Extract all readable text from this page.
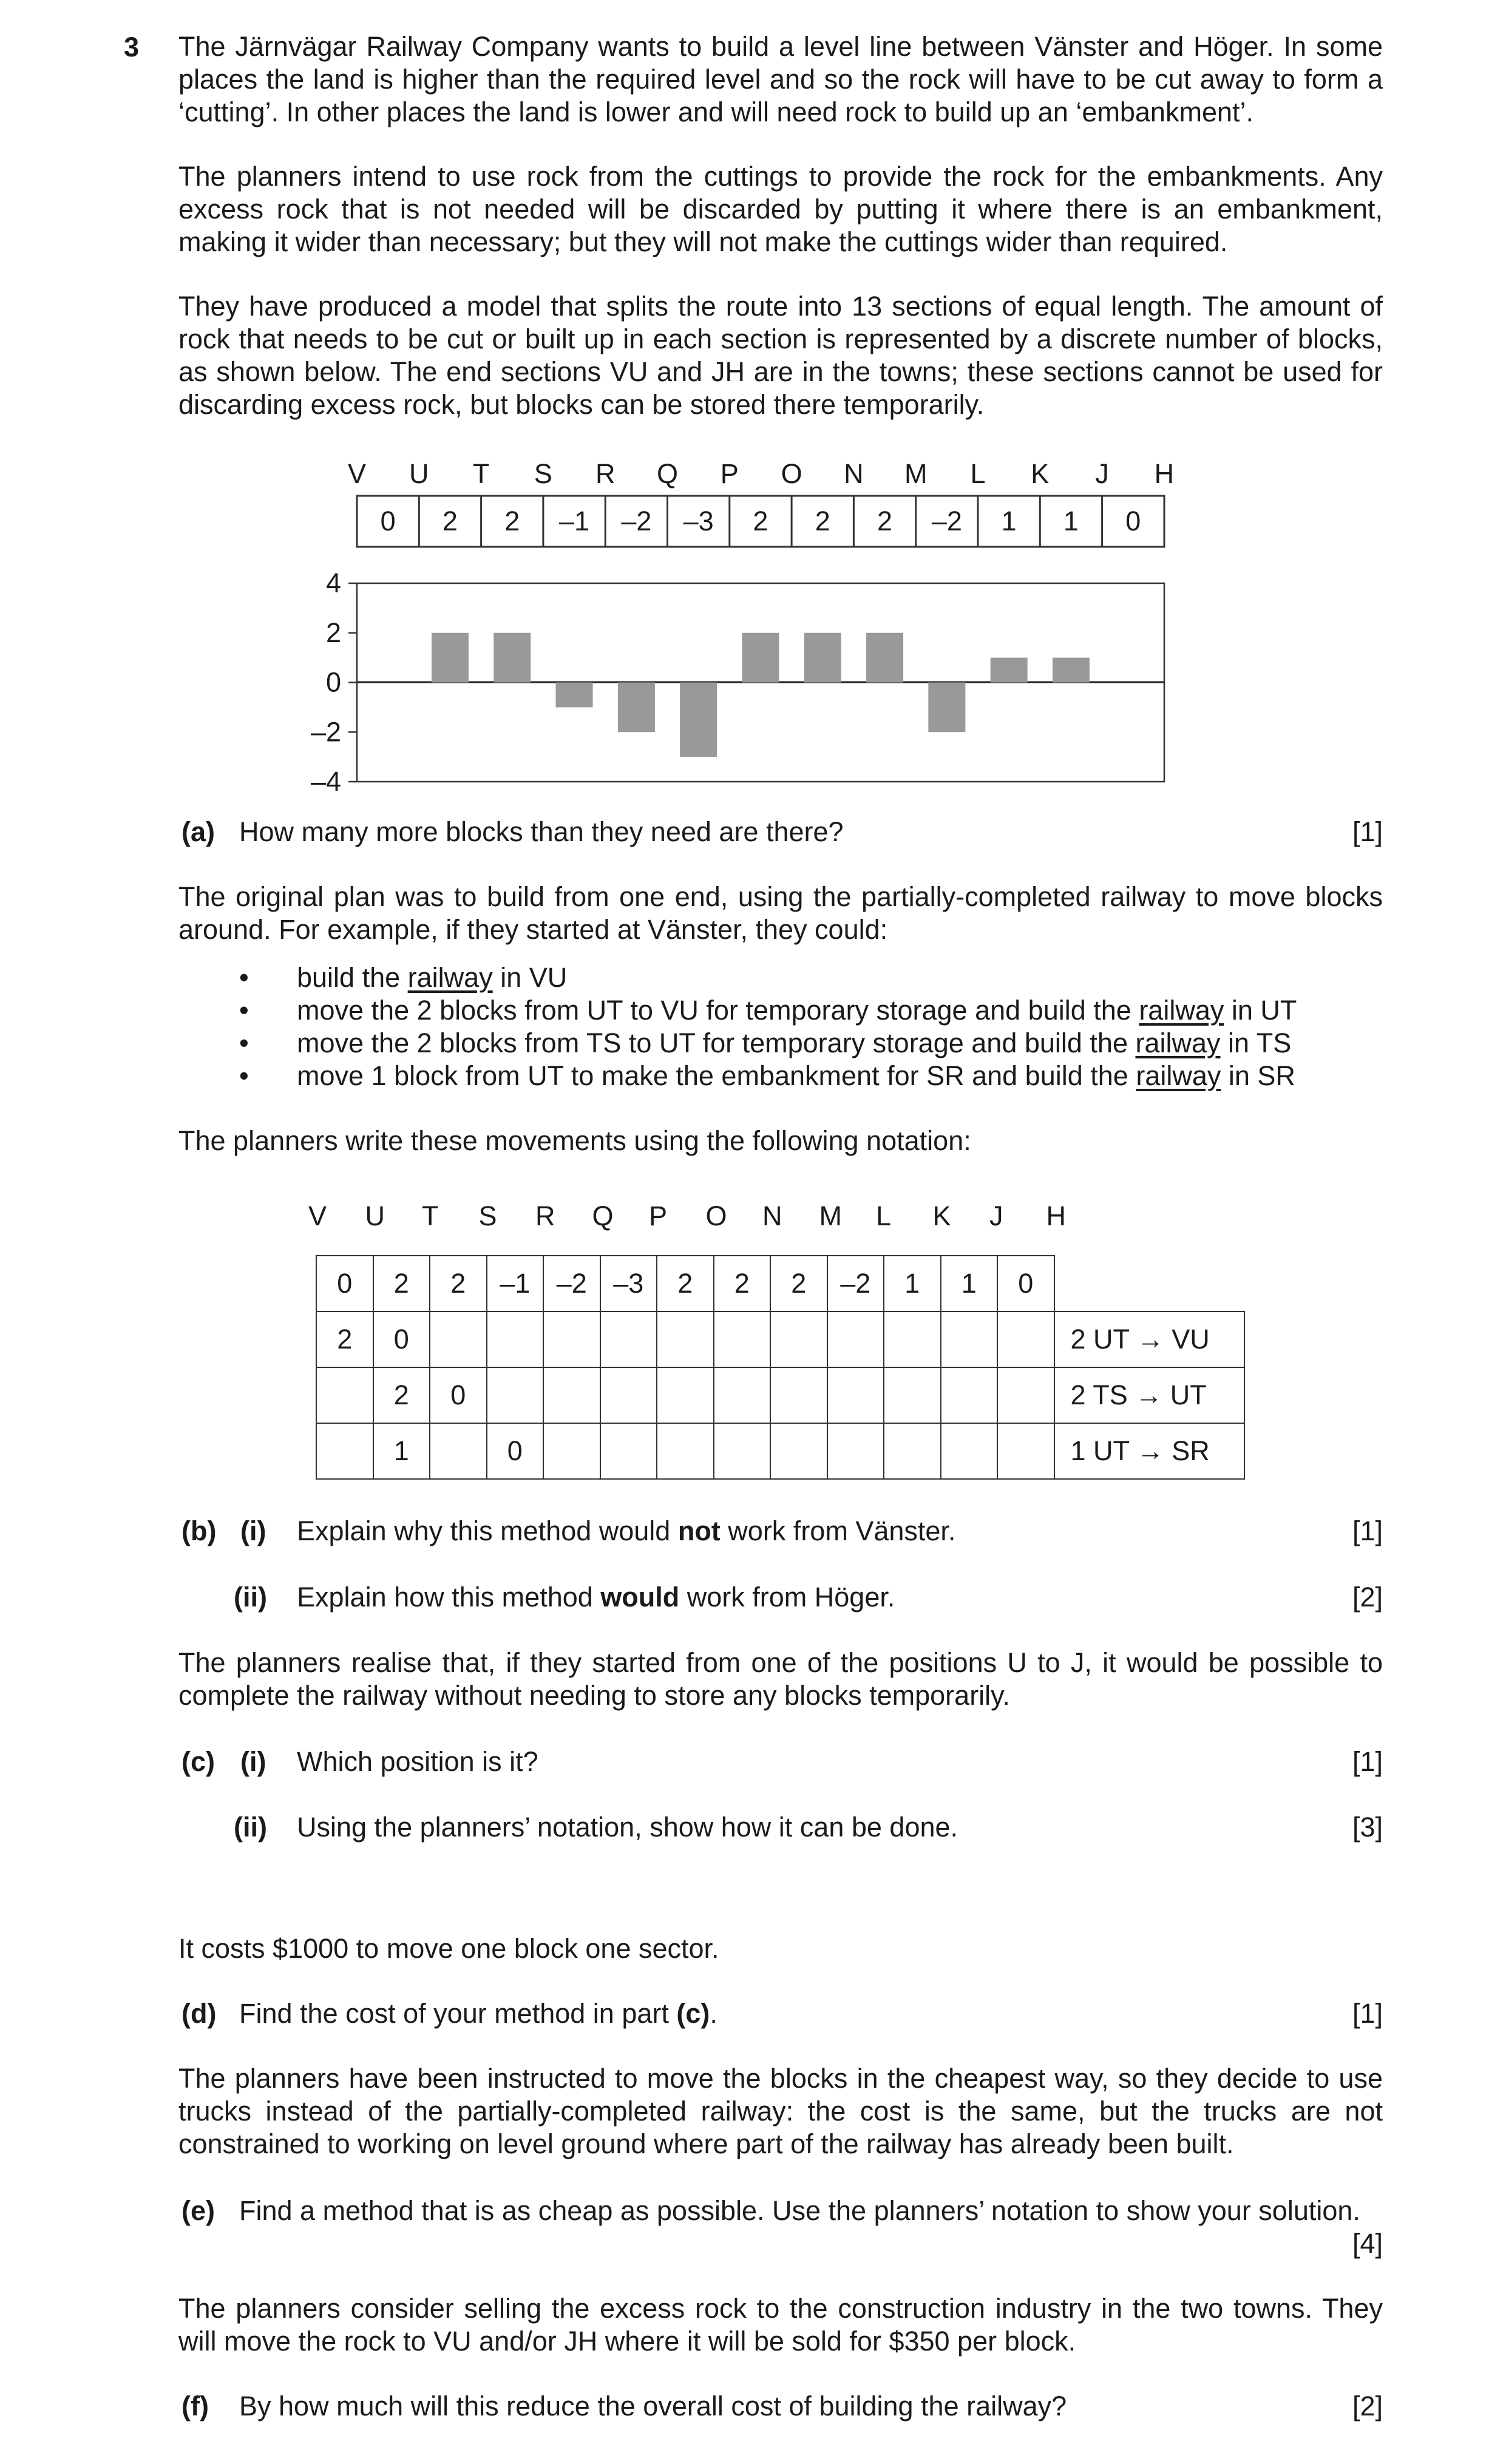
3 The Järnvägar Railway Company wants to build a level line between Vänster and Höger. In some places the land is higher than the required level and so the rock will have to be cut away to form a ‘cutting’. In other places the land is lower and will need rock to build up an ‘embankment’.

The planners intend to use rock from the cuttings to provide the rock for the embankments. Any excess rock that is not needed will be discarded by putting it where there is an embankment, making it wider than necessary; but they will not make the cuttings wider than required.

They have produced a model that splits the route into 13 sections of equal length. The amount of rock that needs to be cut or built up in each section is represented by a discrete number of blocks, as shown below. The end sections VU and JH are in the towns; these sections cannot be used for discarding excess rock, but blocks can be stored there temporarily.

V U T S R Q P O N M L K J H
0 2 2 –1 –2 –3 2 2 2 –2 1 1 0
4
2
0
–2
–4
(a) How many more blocks than they need are there?	[1]

The original plan was to build from one end, using the partially-completed railway to move blocks around. For example, if they started at Vänster, they could:

• build the railway in VU
• move the 2 blocks from UT to VU for temporary storage and build the railway in UT
• move the 2 blocks from TS to UT for temporary storage and build the railway in TS
• move 1 block from UT to make the embankment for SR and build the railway in SR

The planners write these movements using the following notation:

V U T S R Q P O N M L K J H
0	2	2	–1	–2	–3	2	2	2	–2	1	1	0	
2	0												2 UT → VU
	2	0											2 TS → UT
	1		0										1 UT → SR
(b) (i) Explain why this method would not work from Vänster.	[1]
(ii) Explain how this method would work from Höger.	[2]

The planners realise that, if they started from one of the positions U to J, it would be possible to complete the railway without needing to store any blocks temporarily.

(c) (i) Which position is it?	[1]
(ii) Using the planners’ notation, show how it can be done.	[3]

It costs $1000 to move one block one sector.

(d) Find the cost of your method in part (c).	[1]

The planners have been instructed to move the blocks in the cheapest way, so they decide to use trucks instead of the partially-completed railway: the cost is the same, but the trucks are not constrained to working on level ground where part of the railway has already been built.

(e) Find a method that is as cheap as possible. Use the planners’ notation to show your solution.
[4]

The planners consider selling the excess rock to the construction industry in the two towns. They will move the rock to VU and/or JH where it will be sold for $350 per block.

(f) By how much will this reduce the overall cost of building the railway?	[2]
